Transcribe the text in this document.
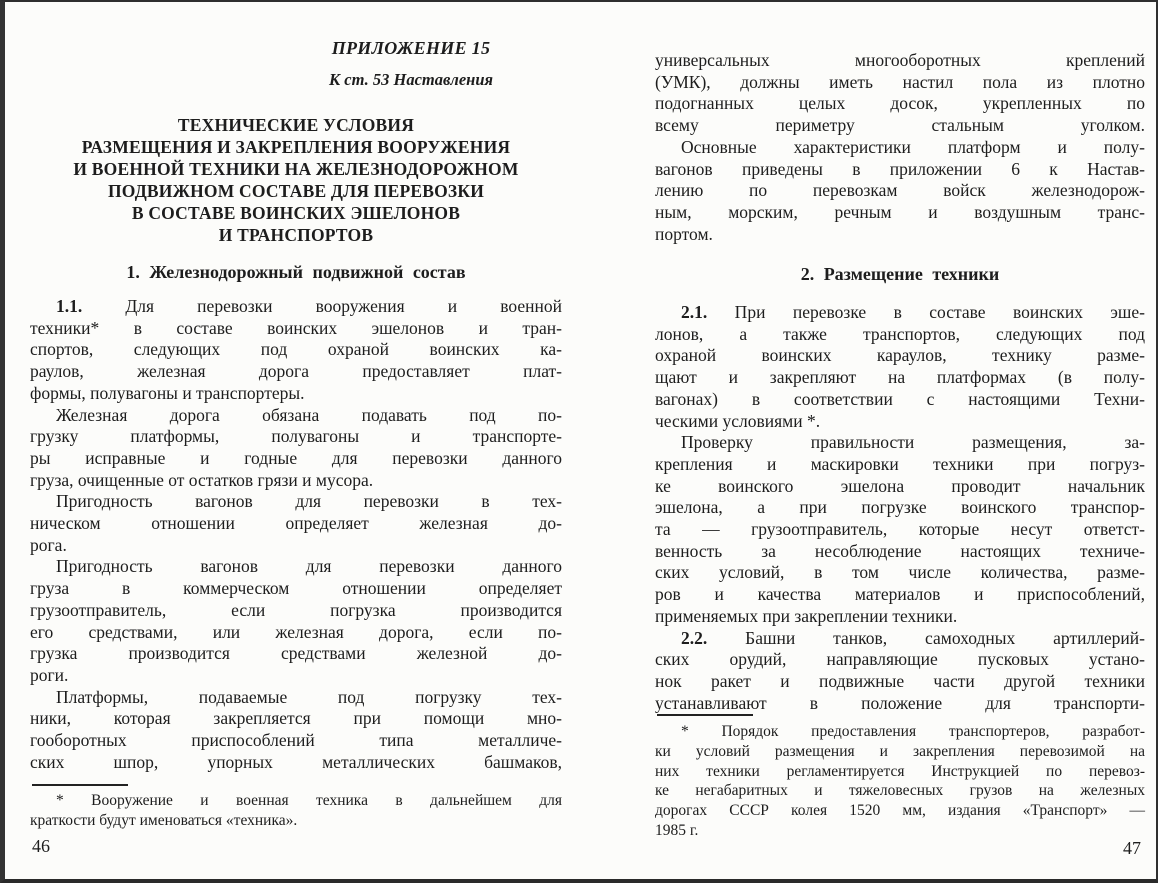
ПРИЛОЖЕНИЕ 15
К ст. 53 Наставления
ТЕХНИЧЕСКИЕ УСЛОВИЯ
РАЗМЕЩЕНИЯ И ЗАКРЕПЛЕНИЯ ВООРУЖЕНИЯ
И ВОЕННОЙ ТЕХНИКИ НА ЖЕЛЕЗНОДОРОЖНОМ
ПОДВИЖНОМ СОСТАВЕ ДЛЯ ПЕРЕВОЗКИ
В СОСТАВЕ ВОИНСКИХ ЭШЕЛОНОВ
И ТРАНСПОРТОВ
1. Железнодорожный подвижной состав
1.1. Для перевозки вооружения и военной
техники* в составе воинских эшелонов и тран-
спортов, следующих под охраной воинских ка-
раулов, железная дорога предоставляет плат-
формы, полувагоны и транспортеры.
Железная дорога обязана подавать под по-
грузку платформы, полувагоны и транспорте-
ры исправные и годные для перевозки данного
груза, очищенные от остатков грязи и мусора.
Пригодность вагонов для перевозки в тех-
ническом отношении определяет железная до-
рога.
Пригодность вагонов для перевозки данного
груза в коммерческом отношении определяет
грузоотправитель, если погрузка производится
его средствами, или железная дорога, если по-
грузка производится средствами железной до-
роги.
Платформы, подаваемые под погрузку тех-
ники, которая закрепляется при помощи мно-
гооборотных приспособлений типа металличе-
ских шпор, упорных металлических башмаков,
* Вооружение и военная техника в дальнейшем для
краткости будут именоваться «техника».
46
универсальных многооборотных креплений
(УМК), должны иметь настил пола из плотно
подогнанных целых досок, укрепленных по
всему периметру стальным уголком.
Основные характеристики платформ и полу-
вагонов приведены в приложении 6 к Настав-
лению по перевозкам войск железнодорож-
ным, морским, речным и воздушным транс-
портом.
2. Размещение техники
2.1. При перевозке в составе воинских эше-
лонов, а также транспортов, следующих под
охраной воинских караулов, технику разме-
щают и закрепляют на платформах (в полу-
вагонах) в соответствии с настоящими Техни-
ческими условиями *.
Проверку правильности размещения, за-
крепления и маскировки техники при погруз-
ке воинского эшелона проводит начальник
эшелона, а при погрузке воинского транспор-
та — грузоотправитель, которые несут ответст-
венность за несоблюдение настоящих техниче-
ских условий, в том числе количества, разме-
ров и качества материалов и приспособлений,
применяемых при закреплении техники.
2.2. Башни танков, самоходных артиллерий-
ских орудий, направляющие пусковых устано-
нок ракет и подвижные части другой техники
устанавливают в положение для транспорти-
* Порядок предоставления транспортеров, разработ-
ки условий размещения и закрепления перевозимой на
них техники регламентируется Инструкцией по перевоз-
ке негабаритных и тяжеловесных грузов на железных
дорогах СССР колея 1520 мм, издания «Транспорт» —
1985 г.
47
